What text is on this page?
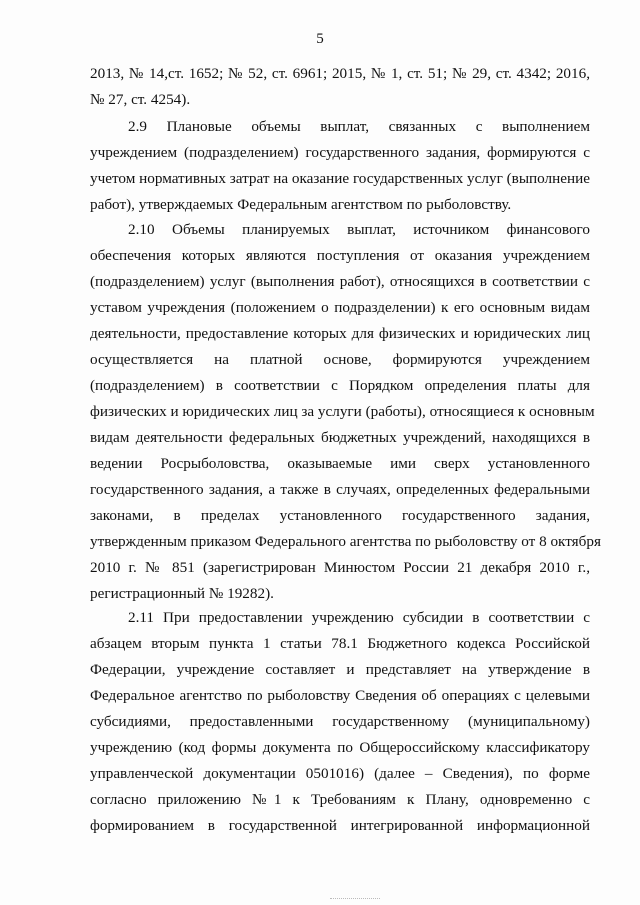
5
2013, № 14,ст. 1652; № 52, ст. 6961; 2015, № 1, ст. 51; № 29, ст. 4342; 2016,
№ 27, ст. 4254).
2.9 Плановые объемы выплат, связанных с выполнением
учреждением (подразделением) государственного задания, формируются с
учетом нормативных затрат на оказание государственных услуг (выполнение
работ), утверждаемых Федеральным агентством по рыболовству.
2.10 Объемы планируемых выплат, источником финансового
обеспечения которых являются поступления от оказания учреждением
(подразделением) услуг (выполнения работ), относящихся в соответствии с
уставом учреждения (положением о подразделении) к его основным видам
деятельности, предоставление которых для физических и юридических лиц
осуществляется на платной основе, формируются учреждением
(подразделением) в соответствии с Порядком определения платы для
физических и юридических лиц за услуги (работы), относящиеся к основным
видам деятельности федеральных бюджетных учреждений, находящихся в
ведении Росрыболовства, оказываемые ими сверх установленного
государственного задания, а также в случаях, определенных федеральными
законами, в пределах установленного государственного задания,
утвержденным приказом Федерального агентства по рыболовству от 8 октября
2010 г. № 851 (зарегистрирован Минюстом России 21 декабря 2010 г.,
регистрационный № 19282).
2.11 При предоставлении учреждению субсидии в соответствии с
абзацем вторым пункта 1 статьи 78.1 Бюджетного кодекса Российской
Федерации, учреждение составляет и представляет на утверждение в
Федеральное агентство по рыболовству Сведения об операциях с целевыми
субсидиями, предоставленными государственному (муниципальному)
учреждению (код формы документа по Общероссийскому классификатору
управленческой документации 0501016) (далее – Сведения), по форме
согласно приложению №1 к Требованиям к Плану, одновременно с
формированием в государственной интегрированной информационной
